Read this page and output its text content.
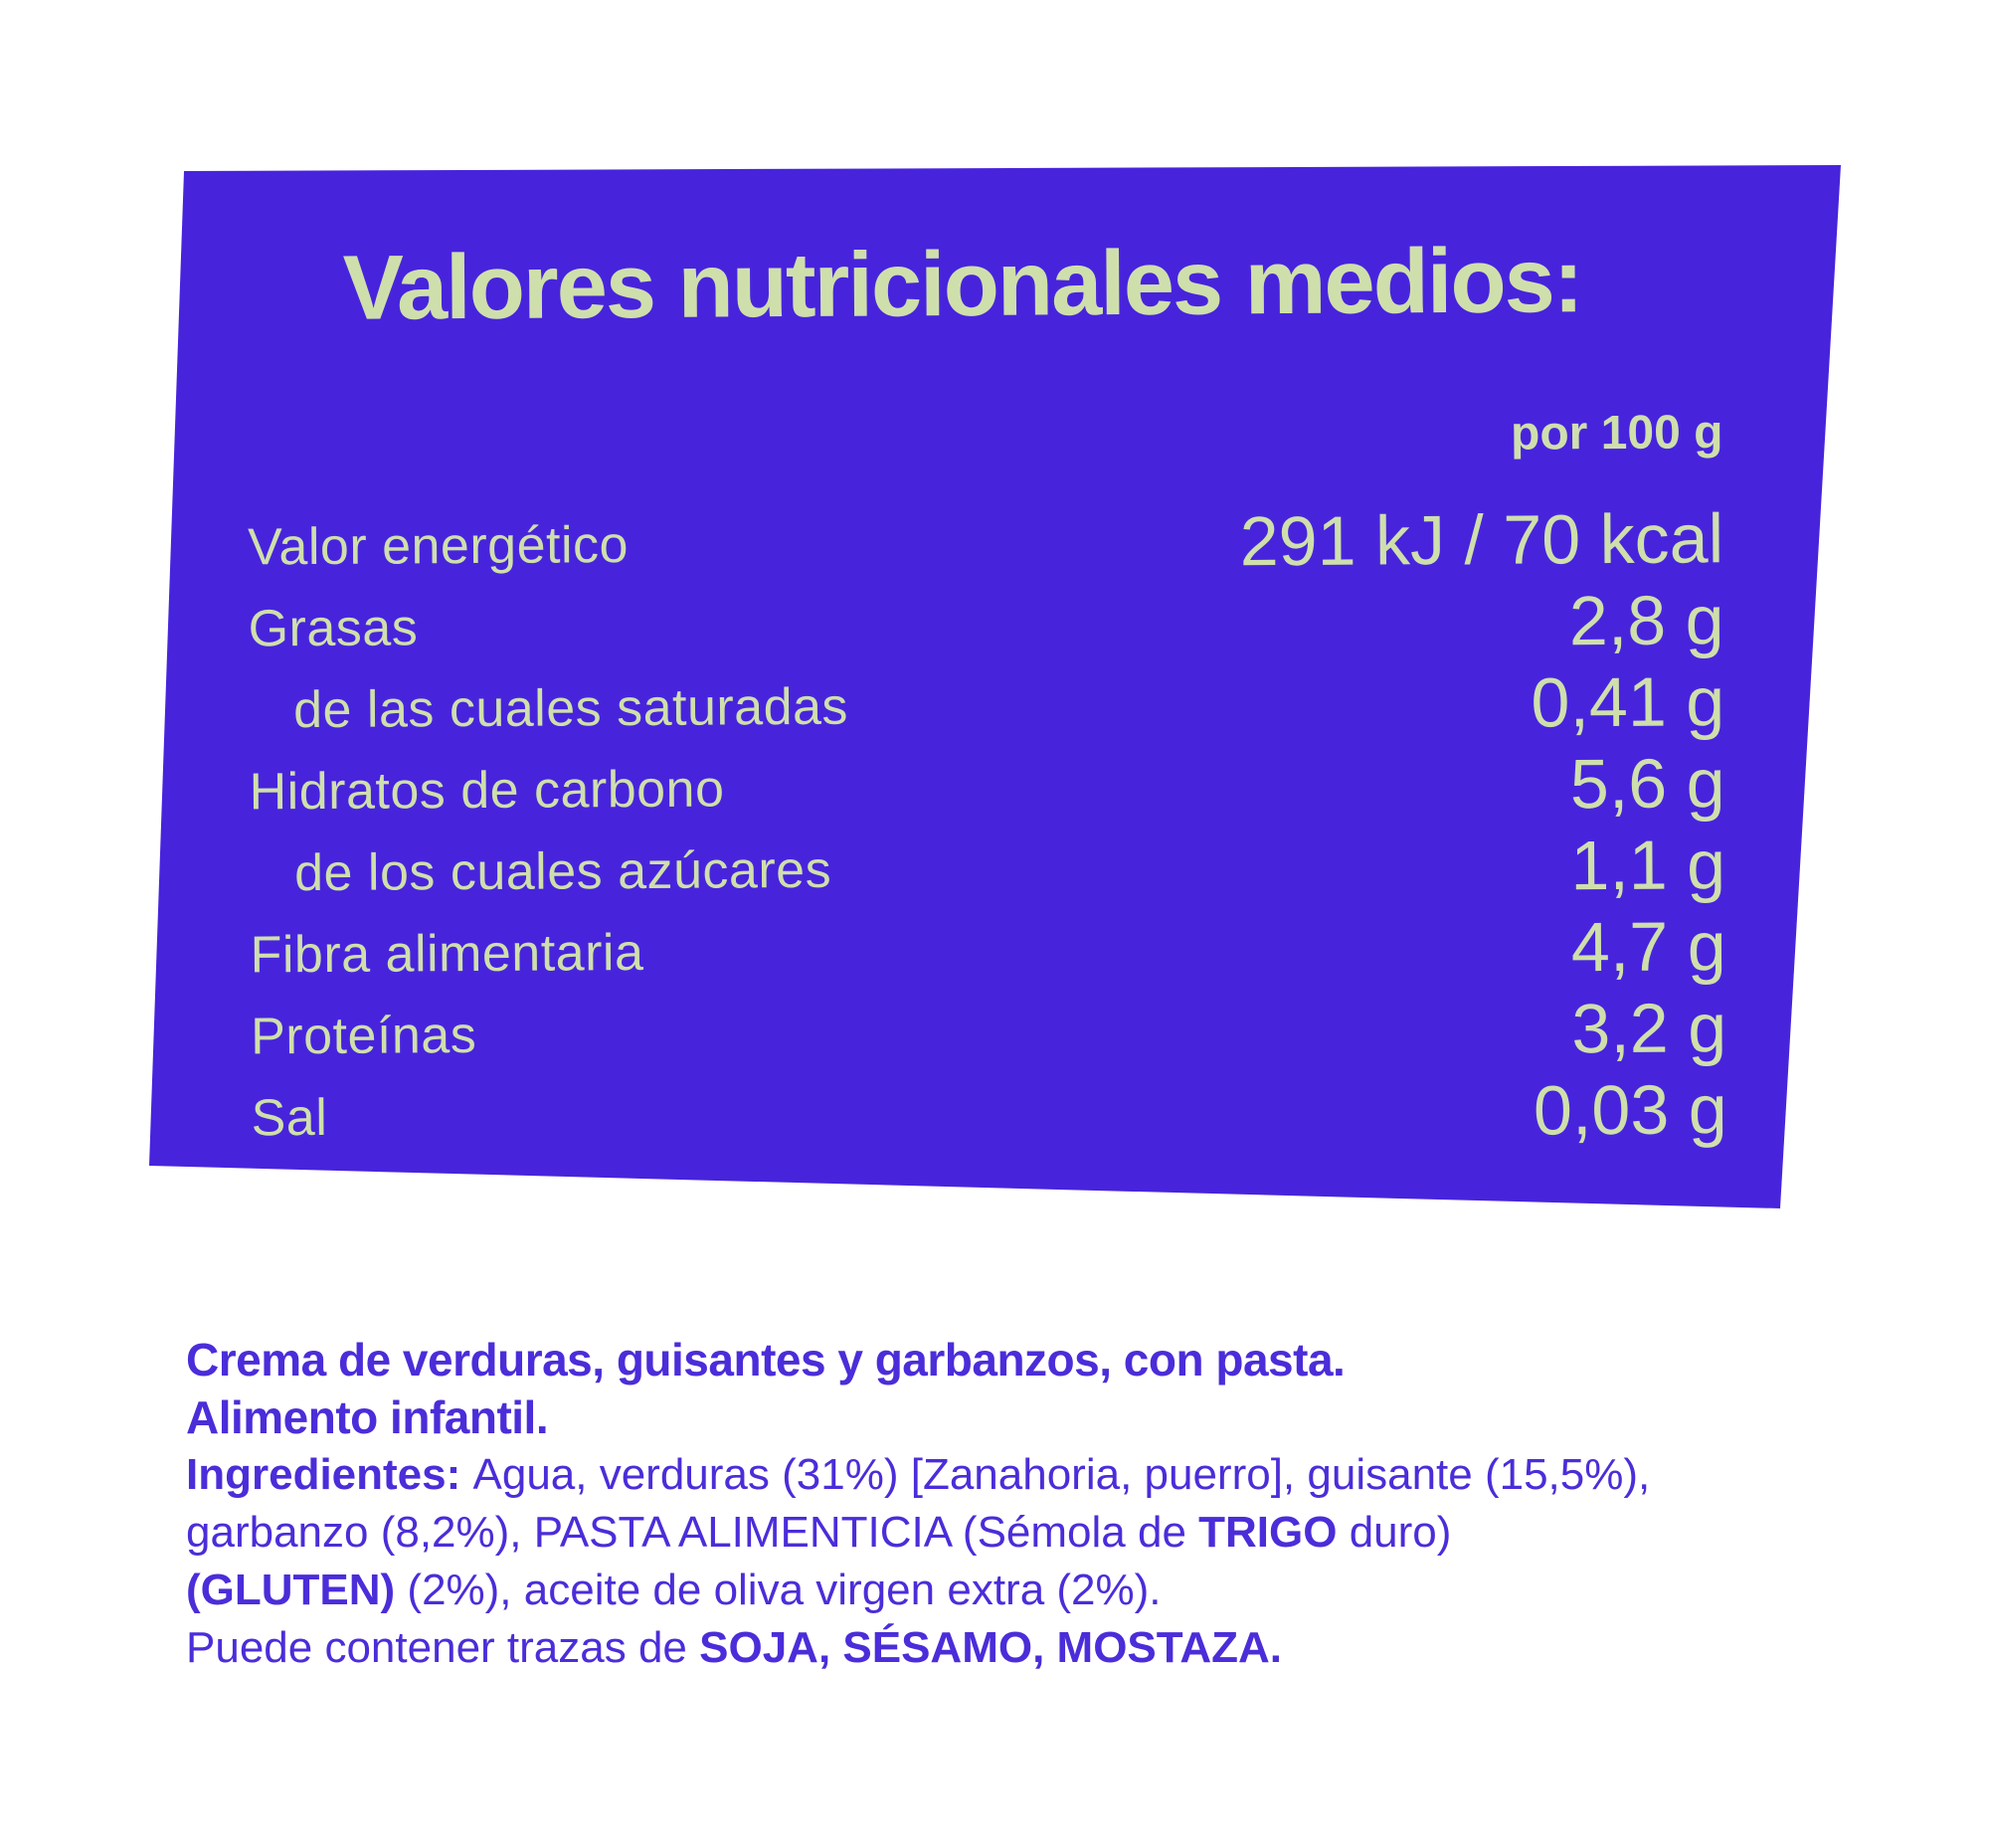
Valores nutricionales medios:
por 100 g
Valor energético	291 kJ / 70 kcal
Grasas	2,8 g
de las cuales saturadas	0,41 g
Hidratos de carbono	5,6 g
de los cuales azúcares	1,1 g
Fibra alimentaria	4,7 g
Proteínas	3,2 g
Sal	0,03 g

Crema de verduras, guisantes y garbanzos, con pasta.

Alimento infantil.

Ingredientes: Agua, verduras (31%) [Zanahoria, puerro], guisante (15,5%),

garbanzo (8,2%), PASTA ALIMENTICIA (Sémola de TRIGO duro)

(GLUTEN) (2%), aceite de oliva virgen extra (2%).

Puede contener trazas de SOJA, SÉSAMO, MOSTAZA.
